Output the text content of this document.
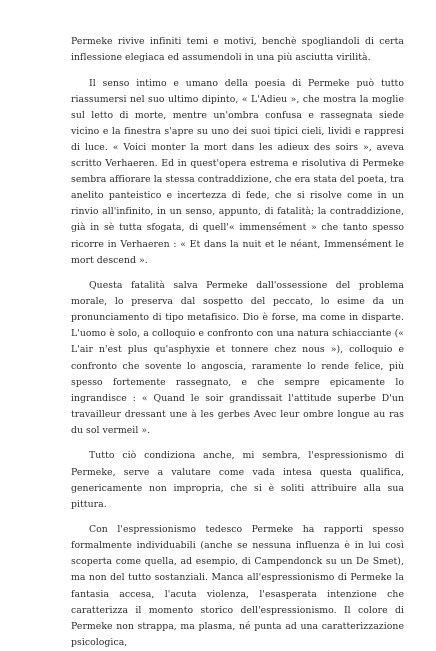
Permeke rivive infiniti temi e motivi, benchè spogliandoli di certa inflessione elegiaca ed assumendoli in una più asciutta virilità.

Il senso intimo e umano della poesia di Permeke può tutto riassumersi nel suo ultimo dipinto, « L'Adieu », che mostra la moglie sul letto di morte, mentre un'ombra confusa e rassegnata siede vicino e la finestra s'apre su uno dei suoi tipici cieli, lividi e rappresi di luce. « Voici monter la mort dans les adieux des soirs », aveva scritto Verhaeren. Ed in quest'opera estrema e risolutiva di Permeke sembra affiorare la stessa contraddizione, che era stata del poeta, tra anelito panteistico e incertezza di fede, che si risolve come in un rinvio all'infinito, in un senso, appunto, di fatalità; la contraddizione, già in sè tutta sfogata, di quell'« immensément » che tanto spesso ricorre in Verhaeren : « Et dans la nuit et le néant, Immensément le mort descend ».

Questa fatalità salva Permeke dall'ossessione del problema morale, lo preserva dal sospetto del peccato, lo esime da un pronunciamento di tipo metafisico. Dio è forse, ma come in disparte. L'uomo è solo, a colloquio e confronto con una natura schiacciante (« L'air n'est plus qu'asphyxie et tonnere chez nous »), colloquio e confronto che sovente lo angoscia, raramente lo rende felice, più spesso fortemente rassegnato, e che sempre epicamente lo ingrandisce : « Quand le soir grandissait l'attitude superbe D'un travailleur dressant une à les gerbes Avec leur ombre longue au ras du sol vermeil ».

Tutto ciò condiziona anche, mi sembra, l'espressionismo di Permeke, serve a valutare come vada intesa questa qualifica, genericamente non impropria, che si è soliti attribuire alla sua pittura.

Con l'espressionismo tedesco Permeke ha rapporti spesso formalmente individuabili (anche se nessuna influenza è in lui così scoperta come quella, ad esempio, di Campendonck su un De Smet), ma non del tutto sostanziali. Manca all'espressionismo di Permeke la fantasia accesa, l'acuta violenza, l'esasperata intenzione che caratterizza il momento storico dell'espressionismo. Il colore di Permeke non strappa, ma plasma, né punta ad una caratterizzazione psicologica,
